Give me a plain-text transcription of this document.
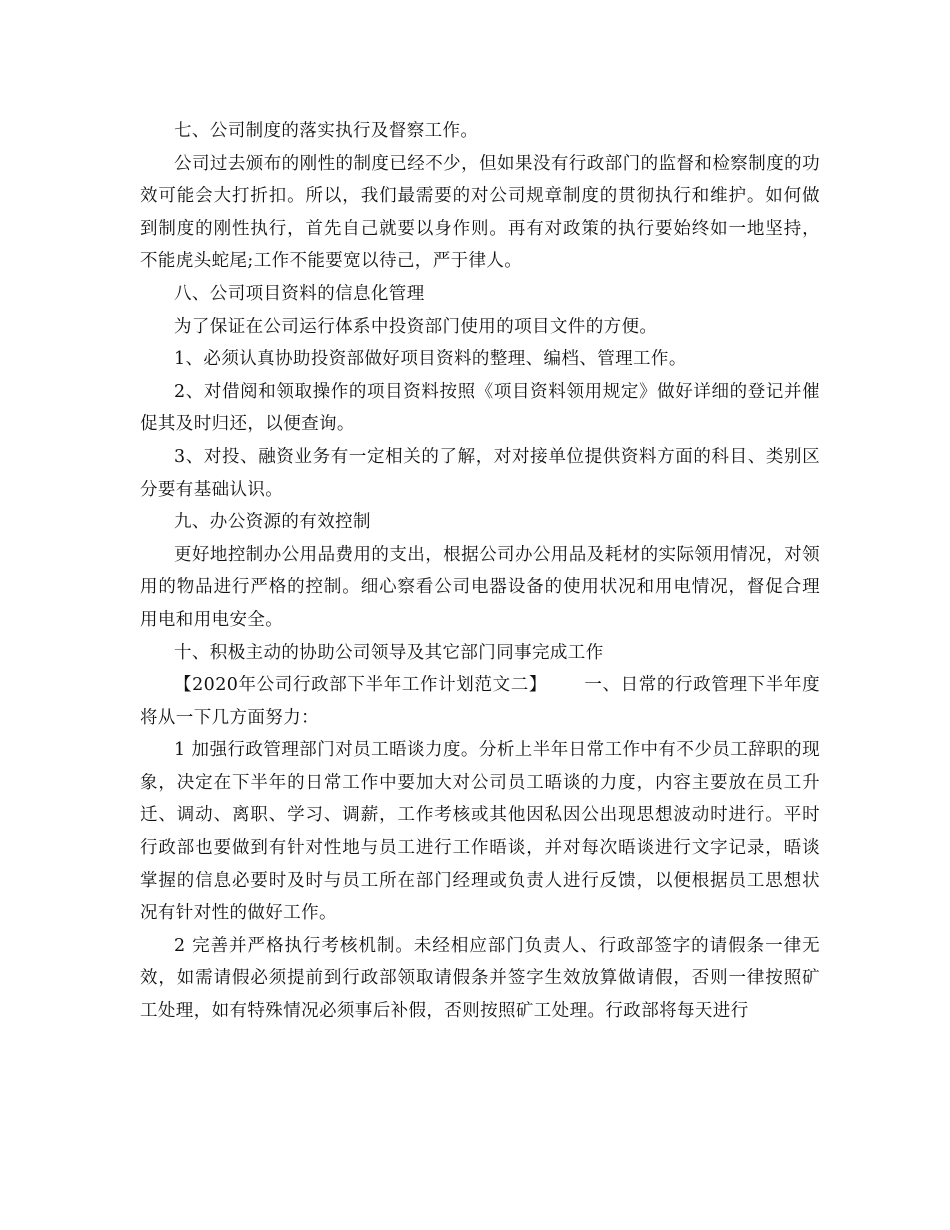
七、公司制度的落实执行及督察工作。

公司过去颁布的刚性的制度已经不少，但如果没有行政部门的监督和检察制度的功效可能会大打折扣。所以，我们最需要的对公司规章制度的贯彻执行和维护。如何做到制度的刚性执行，首先自己就要以身作则。再有对政策的执行要始终如一地坚持，不能虎头蛇尾;工作不能要宽以待己，严于律人。

八、公司项目资料的信息化管理

为了保证在公司运行体系中投资部门使用的项目文件的方便。

1、必须认真协助投资部做好项目资料的整理、编档、管理工作。

2、对借阅和领取操作的项目资料按照《项目资料领用规定》做好详细的登记并催促其及时归还，以便查询。

3、对投、融资业务有一定相关的了解，对对接单位提供资料方面的科目、类别区分要有基础认识。

九、办公资源的有效控制

更好地控制办公用品费用的支出，根据公司办公用品及耗材的实际领用情况，对领用的物品进行严格的控制。细心察看公司电器设备的使用状况和用电情况，督促合理用电和用电安全。

十、积极主动的协助公司领导及其它部门同事完成工作

【2020年公司行政部下半年工作计划范文二】      一、日常的行政管理下半年度将从一下几方面努力：

1 加强行政管理部门对员工晤谈力度。分析上半年日常工作中有不少员工辞职的现象，决定在下半年的日常工作中要加大对公司员工晤谈的力度，内容主要放在员工升迁、调动、离职、学习、调薪，工作考核或其他因私因公出现思想波动时进行。平时行政部也要做到有针对性地与员工进行工作晤谈，并对每次晤谈进行文字记录，晤谈掌握的信息必要时及时与员工所在部门经理或负责人进行反馈，以便根据员工思想状况有针对性的做好工作。

2 完善并严格执行考核机制。未经相应部门负责人、行政部签字的请假条一律无效，如需请假必须提前到行政部领取请假条并签字生效放算做请假，否则一律按照矿工处理，如有特殊情况必须事后补假，否则按照矿工处理。行政部将每天进行
